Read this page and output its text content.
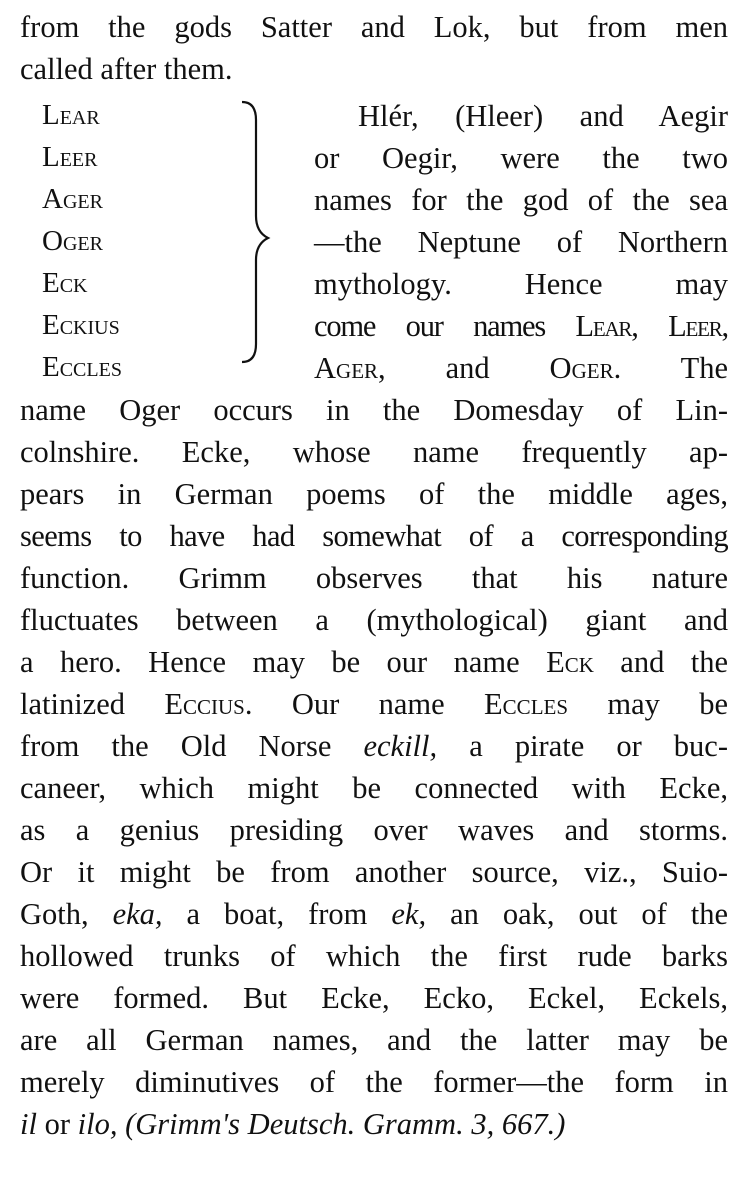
from the gods Satter and Lok, but from men
called after them.
Lear
Leer
Ager
Oger
Eck
Eckius
Eccles
Hlér, (Hleer) and Aegir
or Oegir, were the two
names for the god of the sea
—the Neptune of Northern
mythology. Hence may
come our names Lear, Leer,
Ager, and Oger. The
name Oger occurs in the Domesday of Lin-
colnshire. Ecke, whose name frequently ap-
pears in German poems of the middle ages,
seems to have had somewhat of a corresponding
function. Grimm observes that his nature
fluctuates between a (mythological) giant and
a hero. Hence may be our name Eck and the
latinized Eccius. Our name Eccles may be
from the Old Norse eckill, a pirate or buc-
caneer, which might be connected with Ecke,
as a genius presiding over waves and storms.
Or it might be from another source, viz., Suio-
Goth, eka, a boat, from ek, an oak, out of the
hollowed trunks of which the first rude barks
were formed. But Ecke, Ecko, Eckel, Eckels,
are all German names, and the latter may be
merely diminutives of the former—the form in
il or ilo, (Grimm's Deutsch. Gramm. 3, 667.)
